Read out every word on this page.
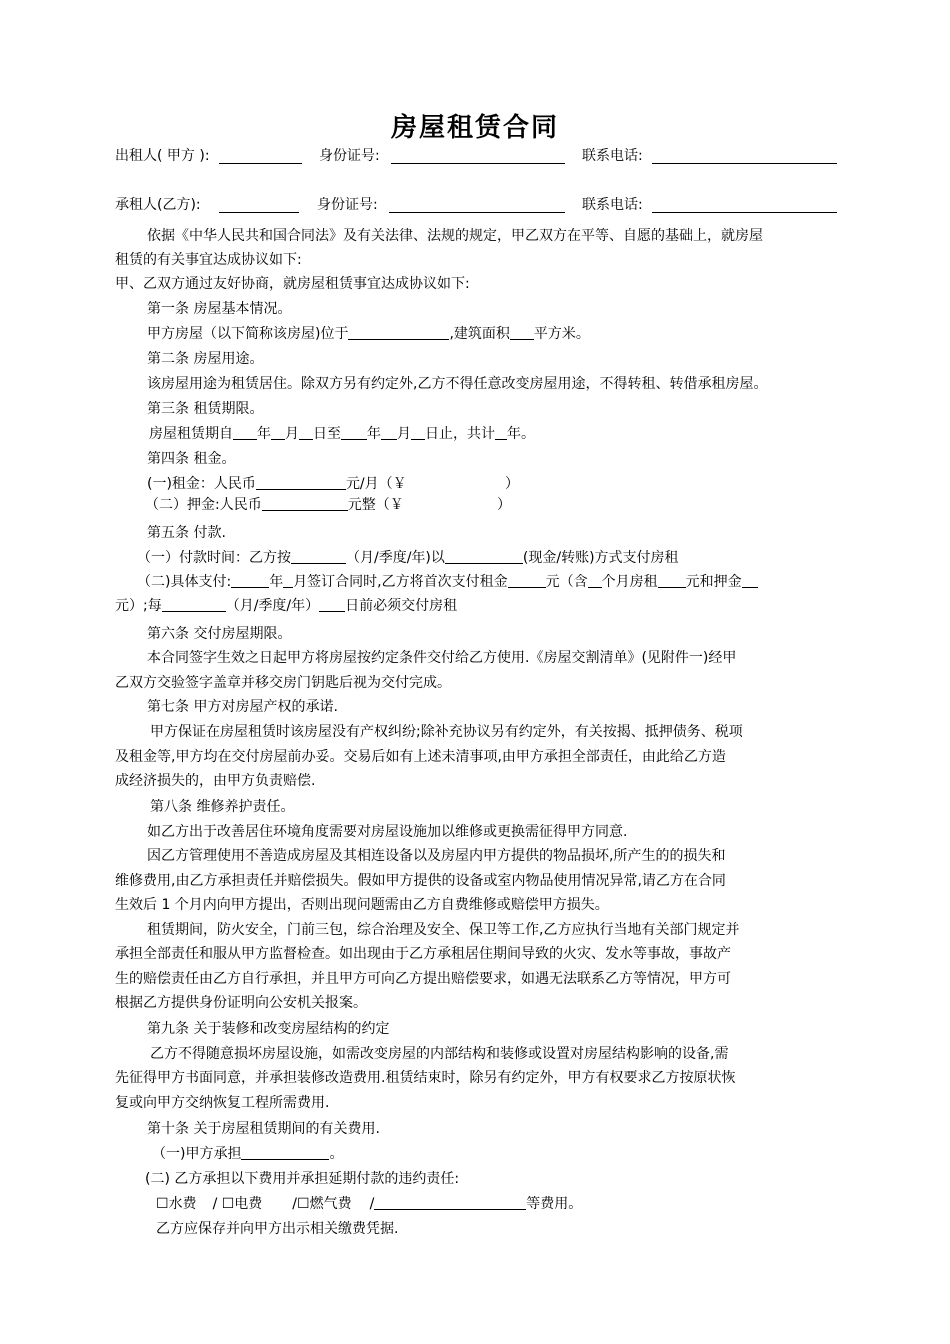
房屋租赁合同
出租人( 甲方 ):	身份证号:	联系电话:
承租人(乙方):	身份证号:	联系电话:
依据《中华人民共和国合同法》及有关法律、法规的规定，甲乙双方在平等、自愿的基础上，就房屋
租赁的有关事宜达成协议如下:
甲、乙双方通过友好协商，就房屋租赁事宜达成协议如下:
第一条 房屋基本情况。
甲方房屋（以下简称该房屋)位于	,建筑面积 平方米。
第二条 房屋用途。
该房屋用途为租赁居住。除双方另有约定外,乙方不得任意改变房屋用途，不得转租、转借承租房屋。
第三条 租赁期限。
房屋租赁期自 年 月 日至 年 月 日止，共计 年。
第四条 租金。
(一)租金：人民币	元/月（￥	）
（二）押金:人民币	元整（￥	）
第五条 付款.
（一）付款时间：乙方按	（月/季度/年)以	(现金/转账)方式支付房租
（二)具体支付:	年 月签订合同时,乙方将首次支付租金	元（含 个月房租 元和押金
元）;每	（月/季度/年） 日前必须交付房租
第六条 交付房屋期限。
本合同签字生效之日起甲方将房屋按约定条件交付给乙方使用.《房屋交割清单》(见附件一)经甲
乙双方交验签字盖章并移交房门钥匙后视为交付完成。
第七条 甲方对房屋产权的承诺.
甲方保证在房屋租赁时该房屋没有产权纠纷;除补充协议另有约定外，有关按揭、抵押债务、税项
及租金等,甲方均在交付房屋前办妥。交易后如有上述未清事项,由甲方承担全部责任，由此给乙方造
成经济损失的，由甲方负责赔偿.
第八条 维修养护责任。
如乙方出于改善居住环境角度需要对房屋设施加以维修或更换需征得甲方同意.
因乙方管理使用不善造成房屋及其相连设备以及房屋内甲方提供的物品损坏,所产生的的损失和
维修费用,由乙方承担责任并赔偿损失。假如甲方提供的设备或室内物品使用情况异常,请乙方在合同
生效后 1 个月内向甲方提出，否则出现问题需由乙方自费维修或赔偿甲方损失。
租赁期间，防火安全，门前三包，综合治理及安全、保卫等工作,乙方应执行当地有关部门规定并
承担全部责任和服从甲方监督检查。如出现由于乙方承租居住期间导致的火灾、发水等事故，事故产
生的赔偿责任由乙方自行承担，并且甲方可向乙方提出赔偿要求，如遇无法联系乙方等情况，甲方可
根据乙方提供身份证明向公安机关报案。
第九条 关于装修和改变房屋结构的约定
乙方不得随意损坏房屋设施，如需改变房屋的内部结构和装修或设置对房屋结构影响的设备,需
先征得甲方书面同意，并承担装修改造费用.租赁结束时，除另有约定外，甲方有权要求乙方按原状恢
复或向甲方交纳恢复工程所需费用.
第十条 关于房屋租赁期间的有关费用.
（一)甲方承担	。
(二) 乙方承担以下费用并承担延期付款的违约责任:
☐水费 / ☐电费 /☐燃气费 /	等费用。
乙方应保存并向甲方出示相关缴费凭据.
